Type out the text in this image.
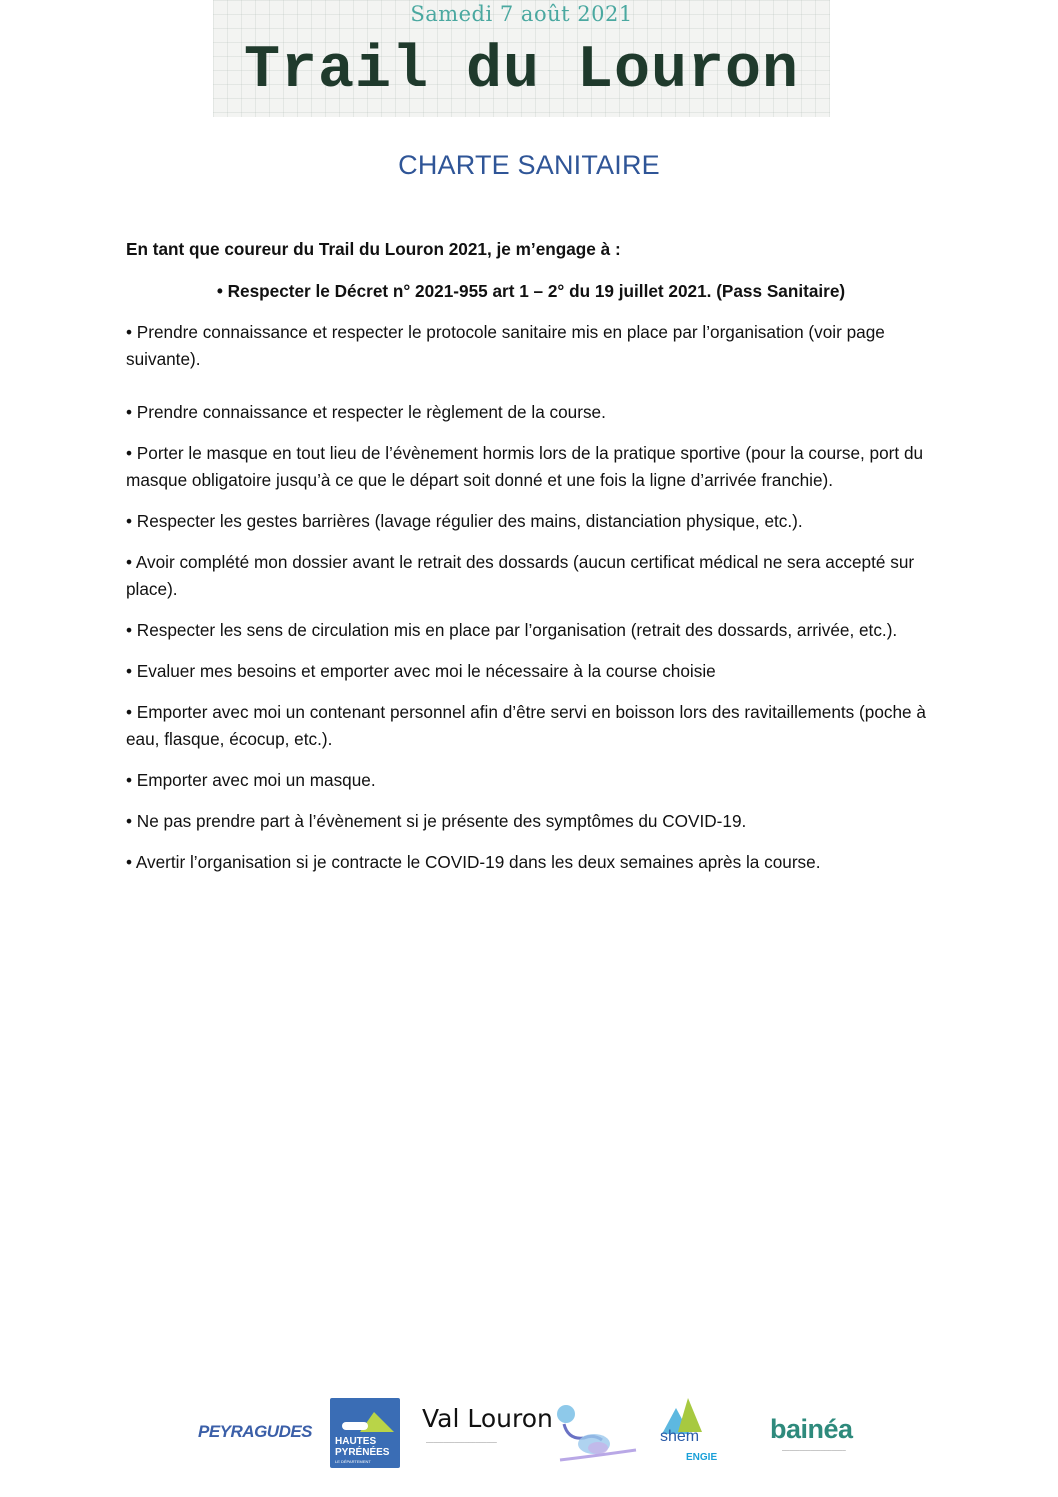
Samedi 7 août 2021
Trail du Louron
CHARTE SANITAIRE
En tant que coureur du Trail du Louron 2021, je m’engage à :
• Respecter le Décret n° 2021-955 art 1 – 2° du 19 juillet 2021. (Pass Sanitaire)

• Prendre connaissance et respecter le protocole sanitaire mis en place par l’organisation (voir page suivante).

• Prendre connaissance et respecter le règlement de la course.

• Porter le masque en tout lieu de l’évènement hormis lors de la pratique sportive (pour la course, port du masque obligatoire jusqu’à ce que le départ soit donné et une fois la ligne d’arrivée franchie).

• Respecter les gestes barrières (lavage régulier des mains, distanciation physique, etc.).

• Avoir complété mon dossier avant le retrait des dossards (aucun certificat médical ne sera accepté sur place).

• Respecter les sens de circulation mis en place par l’organisation (retrait des dossards, arrivée, etc.).

• Evaluer mes besoins et emporter avec moi le nécessaire à la course choisie

• Emporter avec moi un contenant personnel afin d’être servi en boisson lors des ravitaillements (poche à eau, flasque, écocup, etc.).

• Emporter avec moi un masque.

• Ne pas prendre part à l’évènement si je présente des symptômes du COVID-19.

• Avertir l’organisation si je contracte le COVID-19 dans les deux semaines après la course.

PEYRAGUDES
HAUTES
PYRÉNÉES
LE DÉPARTEMENT
Val Louron
────────────────────	shem
ENGIE
bainéa
──────────────────
